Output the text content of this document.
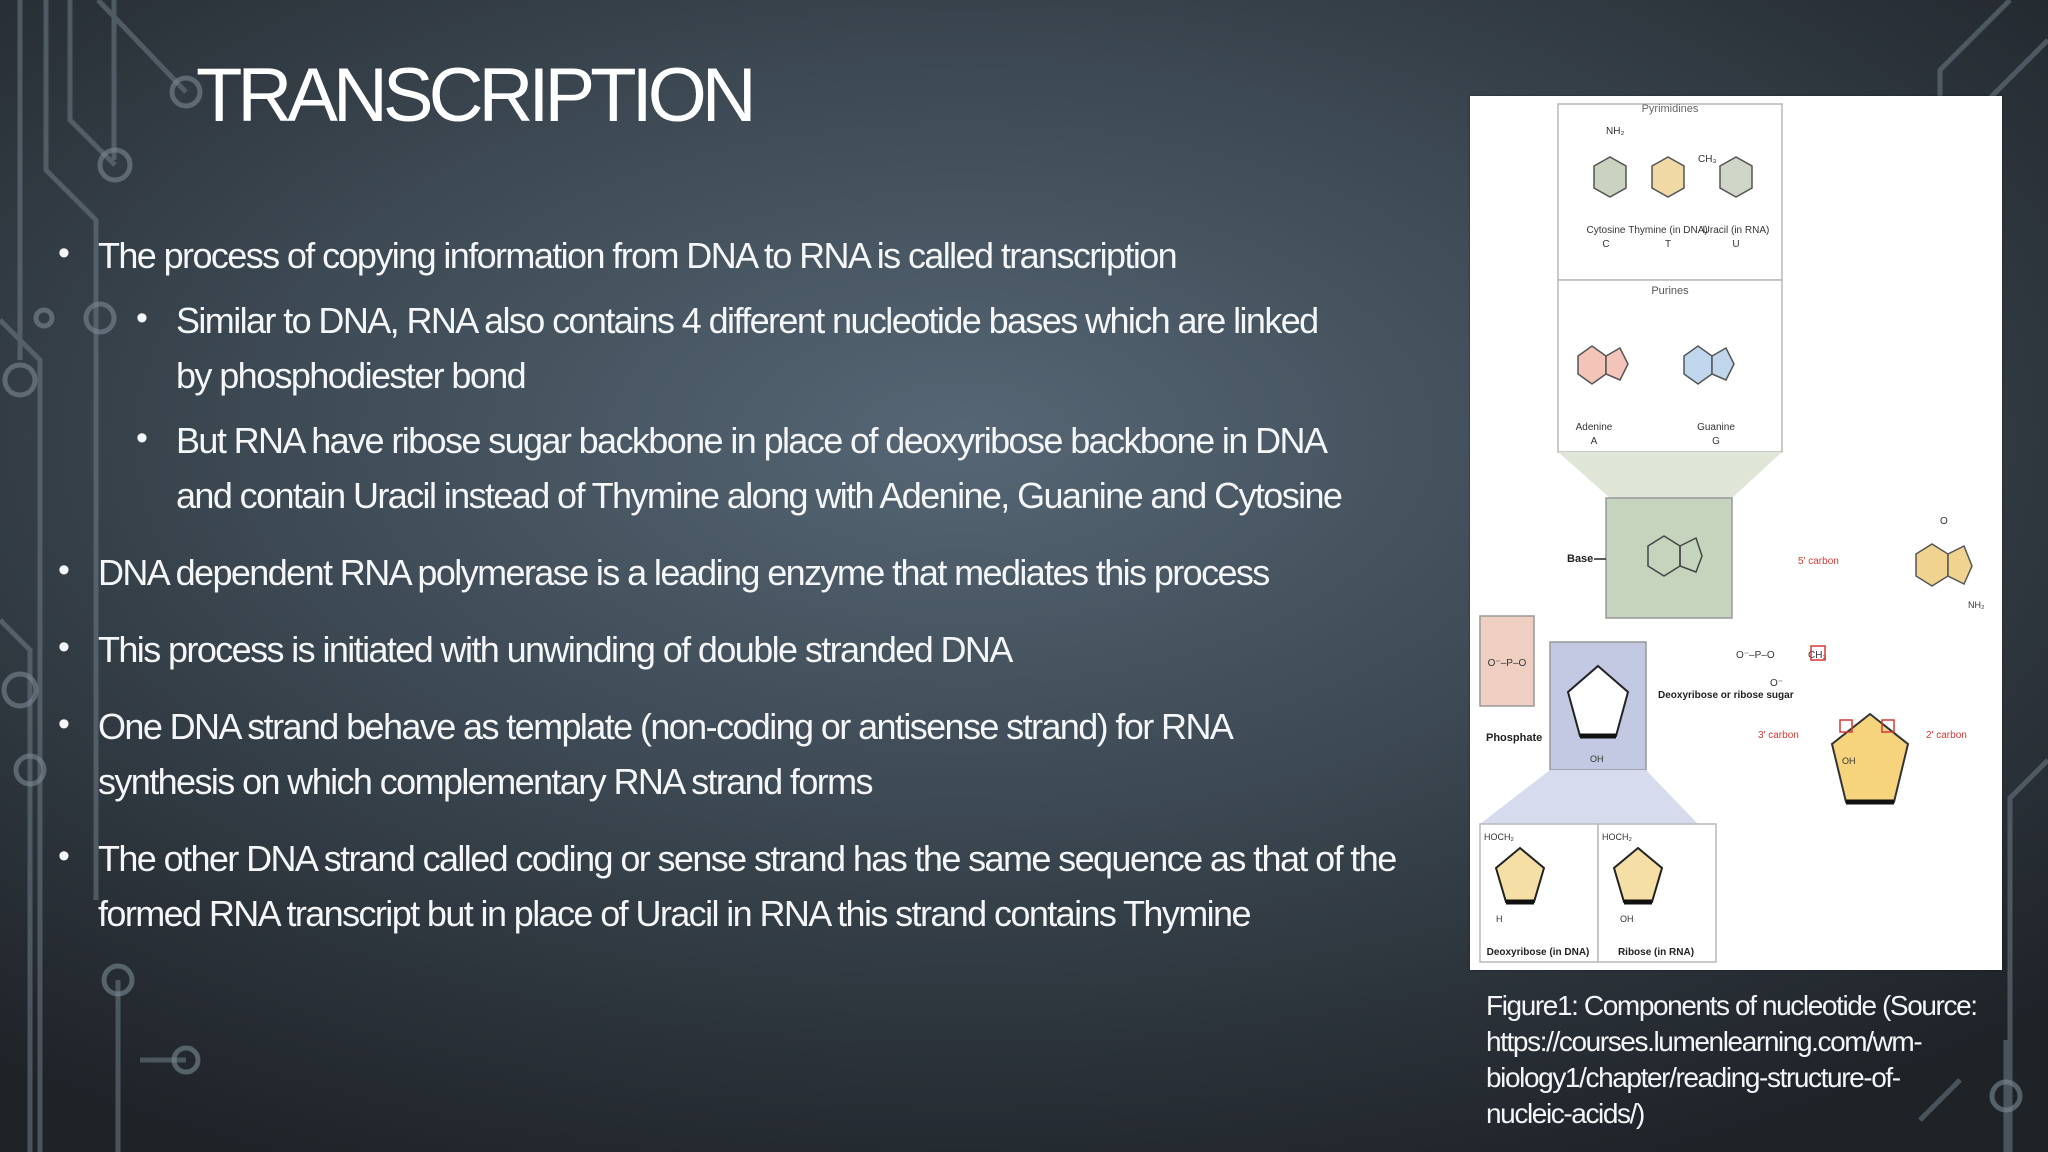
TRANSCRIPTION
• The process of copying information from DNA to RNA is called transcription
• Similar to DNA, RNA also contains 4 different nucleotide bases which are linked
by phosphodiester bond
• But RNA have ribose sugar backbone in place of deoxyribose backbone in DNA
and contain Uracil instead of Thymine along with Adenine, Guanine and Cytosine
• DNA dependent RNA polymerase is a leading enzyme that mediates this process
• This process is initiated with unwinding of double stranded DNA
• One DNA strand behave as template (non-coding or antisense strand) for RNA
synthesis on which complementary RNA strand forms
• The other DNA strand called coding or sense strand has the same sequence as that of the
formed RNA transcript but in place of Uracil in RNA this strand contains Thymine
Pyrimidines
NH₂
Cytosine
C
CH₃
Thymine (in DNA)
T
Uracil (in RNA)
U
Purines
Adenine
A
Guanine
G
Base
O⁻–P–O
Phosphate
OH
Deoxyribose or ribose sugar
HOCH₂
H
Deoxyribose (in DNA)
HOCH₂
OH
Ribose (in RNA)
O
NH₂
5' carbon
O⁻–P–O
O⁻
CH₂
3' carbon	2' carbon
OH
Figure1: Components of nucleotide (Source:
https://courses.lumenlearning.com/wm-
biology1/chapter/reading-structure-of-
nucleic-acids/)
